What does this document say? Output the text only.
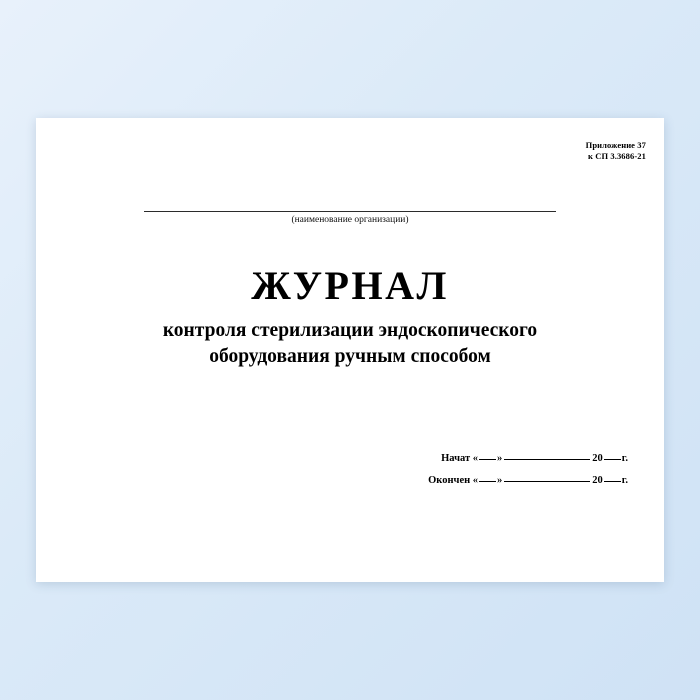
Приложение 37
к СП 3.3686-21
(наименование организации)
ЖУРНАЛ
контроля стерилизации эндоскопического
оборудования ручным способом
Начат « »	20 г.
Окончен « »	20 г.
